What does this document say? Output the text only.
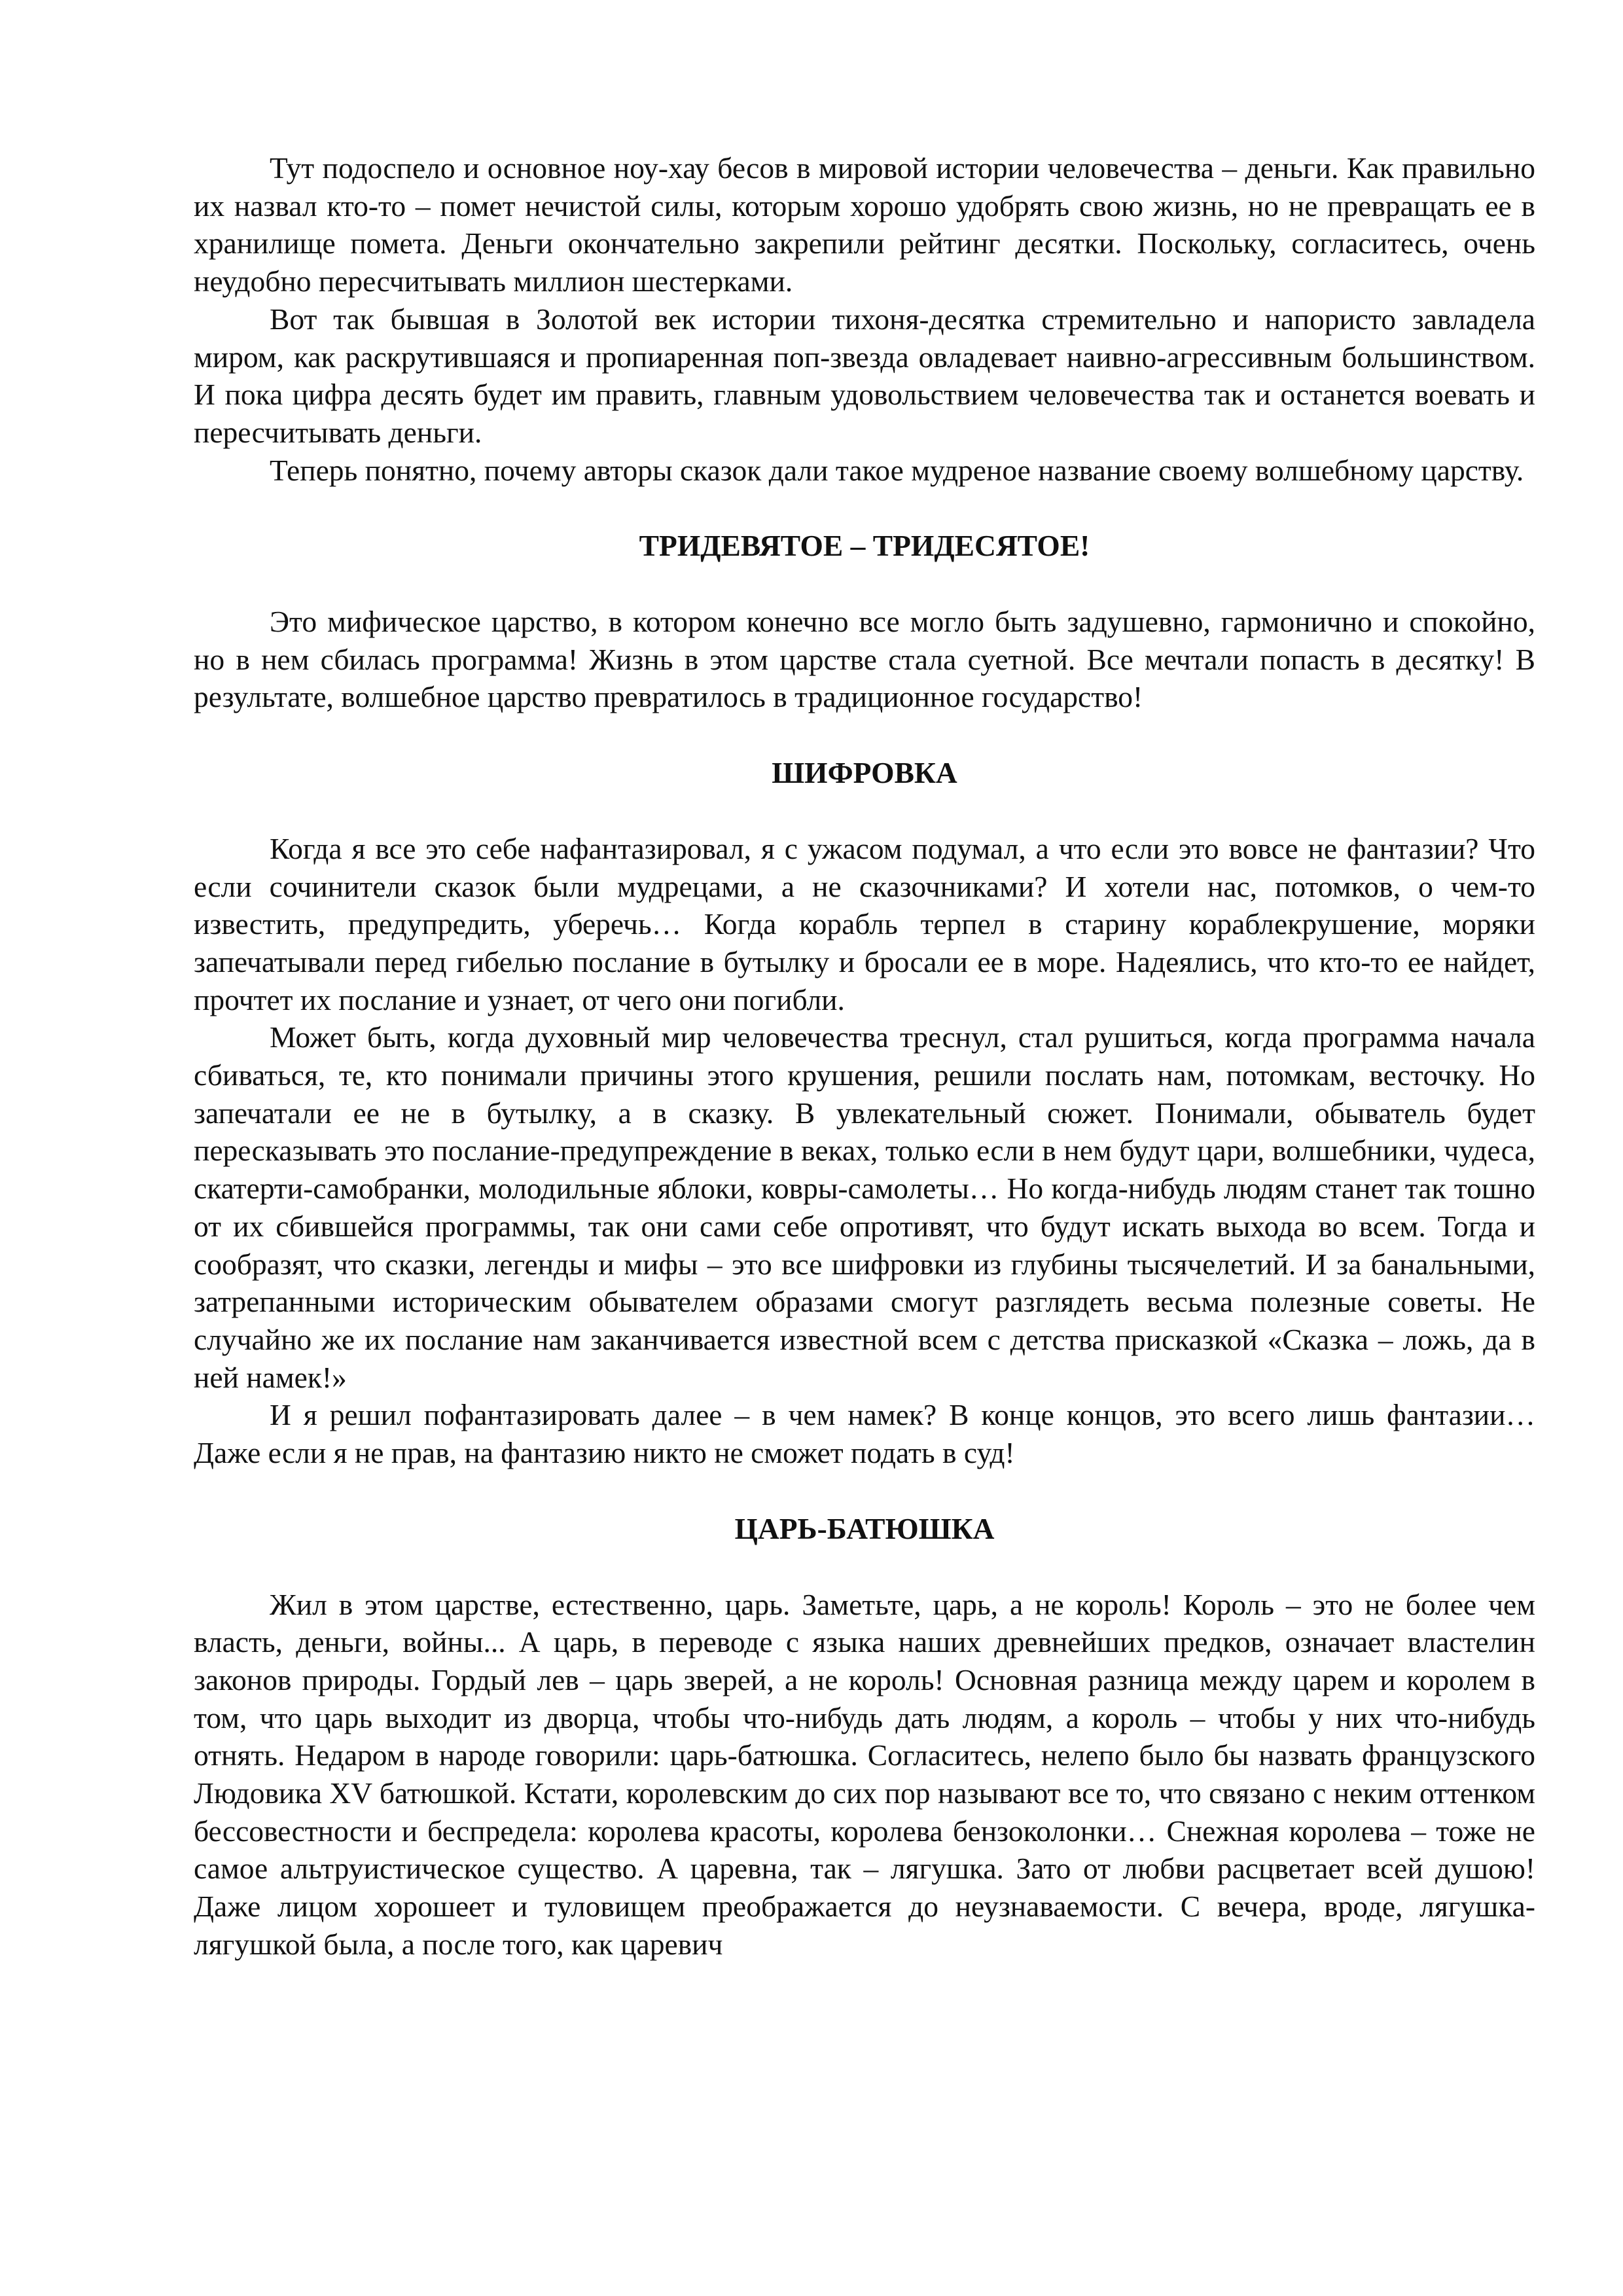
Тут подоспело и основное ноу-хау бесов в мировой истории человечества – деньги. Как правильно их назвал кто-то – помет нечистой силы, которым хорошо удобрять свою жизнь, но не превращать ее в хранилище помета. Деньги окончательно закрепили рейтинг десятки. Поскольку, согласитесь, очень неудобно пересчитывать миллион шестерками.

Вот так бывшая в Золотой век истории тихоня-десятка стремительно и напористо завладела миром, как раскрутившаяся и пропиаренная поп-звезда овладевает наивно-агрессивным большинством. И пока цифра десять будет им править, главным удовольствием человечества так и останется воевать и пересчитывать деньги.

Теперь понятно, почему авторы сказок дали такое мудреное название своему волшебному царству.

ТРИДЕВЯТОЕ – ТРИДЕСЯТОЕ!

Это мифическое царство, в котором конечно все могло быть задушевно, гармонично и спокойно, но в нем сбилась программа! Жизнь в этом царстве стала суетной. Все мечтали попасть в десятку! В результате, волшебное царство превратилось в традиционное государство!

ШИФРОВКА

Когда я все это себе нафантазировал, я с ужасом подумал, а что если это вовсе не фантазии? Что если сочинители сказок были мудрецами, а не сказочниками? И хотели нас, потомков, о чем-то известить, предупредить, уберечь… Когда корабль терпел в старину кораблекрушение, моряки запечатывали перед гибелью послание в бутылку и бросали ее в море. Надеялись, что кто-то ее найдет, прочтет их послание и узнает, от чего они погибли.

Может быть, когда духовный мир человечества треснул, стал рушиться, когда программа начала сбиваться, те, кто понимали причины этого крушения, решили послать нам, потомкам, весточку. Но запечатали ее не в бутылку, а в сказку. В увлекательный сюжет. Понимали, обыватель будет пересказывать это послание-предупреждение в веках, только если в нем будут цари, волшебники, чудеса, скатерти-самобранки, молодильные яблоки, ковры-самолеты… Но когда-нибудь людям станет так тошно от их сбившейся программы, так они сами себе опротивят, что будут искать выхода во всем. Тогда и сообразят, что сказки, легенды и мифы – это все шифровки из глубины тысячелетий. И за банальными, затрепанными историческим обывателем образами смогут разглядеть весьма полезные советы. Не случайно же их послание нам заканчивается известной всем с детства присказкой «Сказка – ложь, да в ней намек!»

И я решил пофантазировать далее – в чем намек? В конце концов, это всего лишь фантазии… Даже если я не прав, на фантазию никто не сможет подать в суд!

ЦАРЬ-БАТЮШКА

Жил в этом царстве, естественно, царь. Заметьте, царь, а не король! Король – это не более чем власть, деньги, войны... А царь, в переводе с языка наших древнейших предков, означает властелин законов природы. Гордый лев – царь зверей, а не король! Основная разница между царем и королем в том, что царь выходит из дворца, чтобы что-нибудь дать людям, а король – чтобы у них что-нибудь отнять. Недаром в народе говорили: царь-батюшка. Согласитесь, нелепо было бы назвать французского Людовика XV батюшкой. Кстати, королевским до сих пор называют все то, что связано с неким оттенком бессовестности и беспредела: королева красоты, королева бензоколонки… Снежная королева – тоже не самое альтруистическое существо. А царевна, так – лягушка. Зато от любви расцветает всей душою! Даже лицом хорошеет и туловищем преображается до неузнаваемости. С вечера, вроде, лягушка-лягушкой была, а после того, как царевич
